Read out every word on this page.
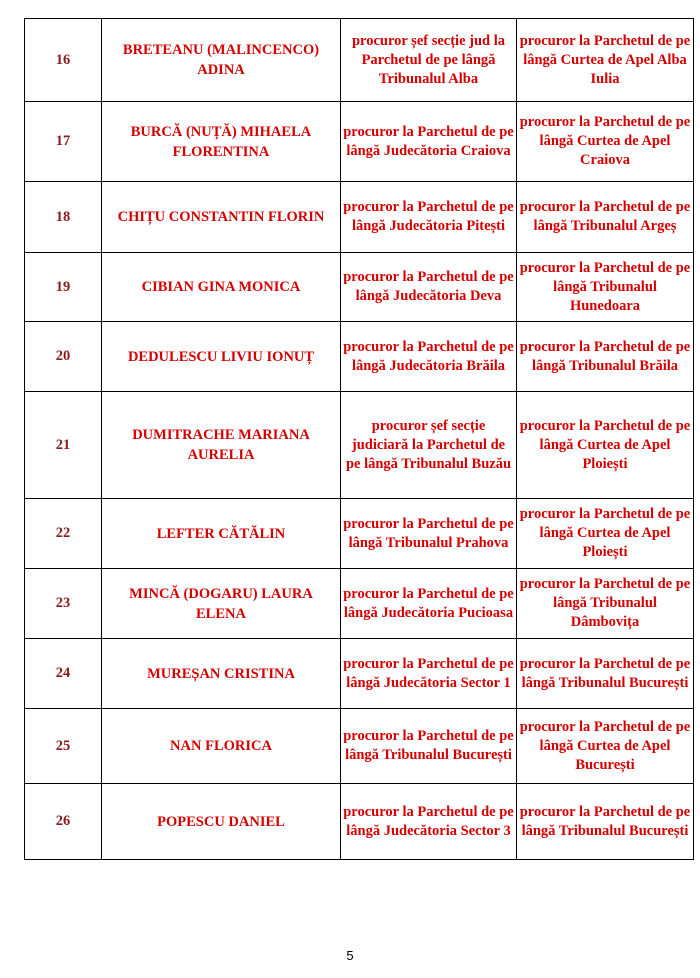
16	BRETEANU (MALINCENCO) ADINA	procuror șef secție jud la Parchetul de pe lângă Tribunalul Alba	procuror la Parchetul de pe lângă Curtea de Apel Alba Iulia
17	BURCĂ (NUȚĂ) MIHAELA FLORENTINA	procuror la Parchetul de pe lângă Judecătoria Craiova	procuror la Parchetul de pe lângă Curtea de Apel Craiova
18	CHIȚU CONSTANTIN FLORIN	procuror la Parchetul de pe lângă Judecătoria Pitești	procuror la Parchetul de pe lângă Tribunalul Argeș
19	CIBIAN GINA MONICA	procuror la Parchetul de pe lângă Judecătoria Deva	procuror la Parchetul de pe lângă Tribunalul Hunedoara
20	DEDULESCU LIVIU IONUȚ	procuror la Parchetul de pe lângă Judecătoria Brăila	procuror la Parchetul de pe lângă Tribunalul Brăila
21	DUMITRACHE MARIANA AURELIA	procuror șef secție judiciară la Parchetul de pe lângă Tribunalul Buzău	procuror la Parchetul de pe lângă Curtea de Apel Ploiești
22	LEFTER CĂTĂLIN	procuror la Parchetul de pe lângă Tribunalul Prahova	procuror la Parchetul de pe lângă Curtea de Apel Ploiești
23	MINCĂ (DOGARU) LAURA ELENA	procuror la Parchetul de pe lângă Judecătoria Pucioasa	procuror la Parchetul de pe lângă Tribunalul Dâmbovița
24	MUREȘAN CRISTINA	procuror la Parchetul de pe lângă Judecătoria Sector 1	procuror la Parchetul de pe lângă Tribunalul București
25	NAN FLORICA	procuror la Parchetul de pe lângă Tribunalul București	procuror la Parchetul de pe lângă Curtea de Apel București
26	POPESCU DANIEL	procuror la Parchetul de pe lângă Judecătoria Sector 3	procuror la Parchetul de pe lângă Tribunalul București
5
